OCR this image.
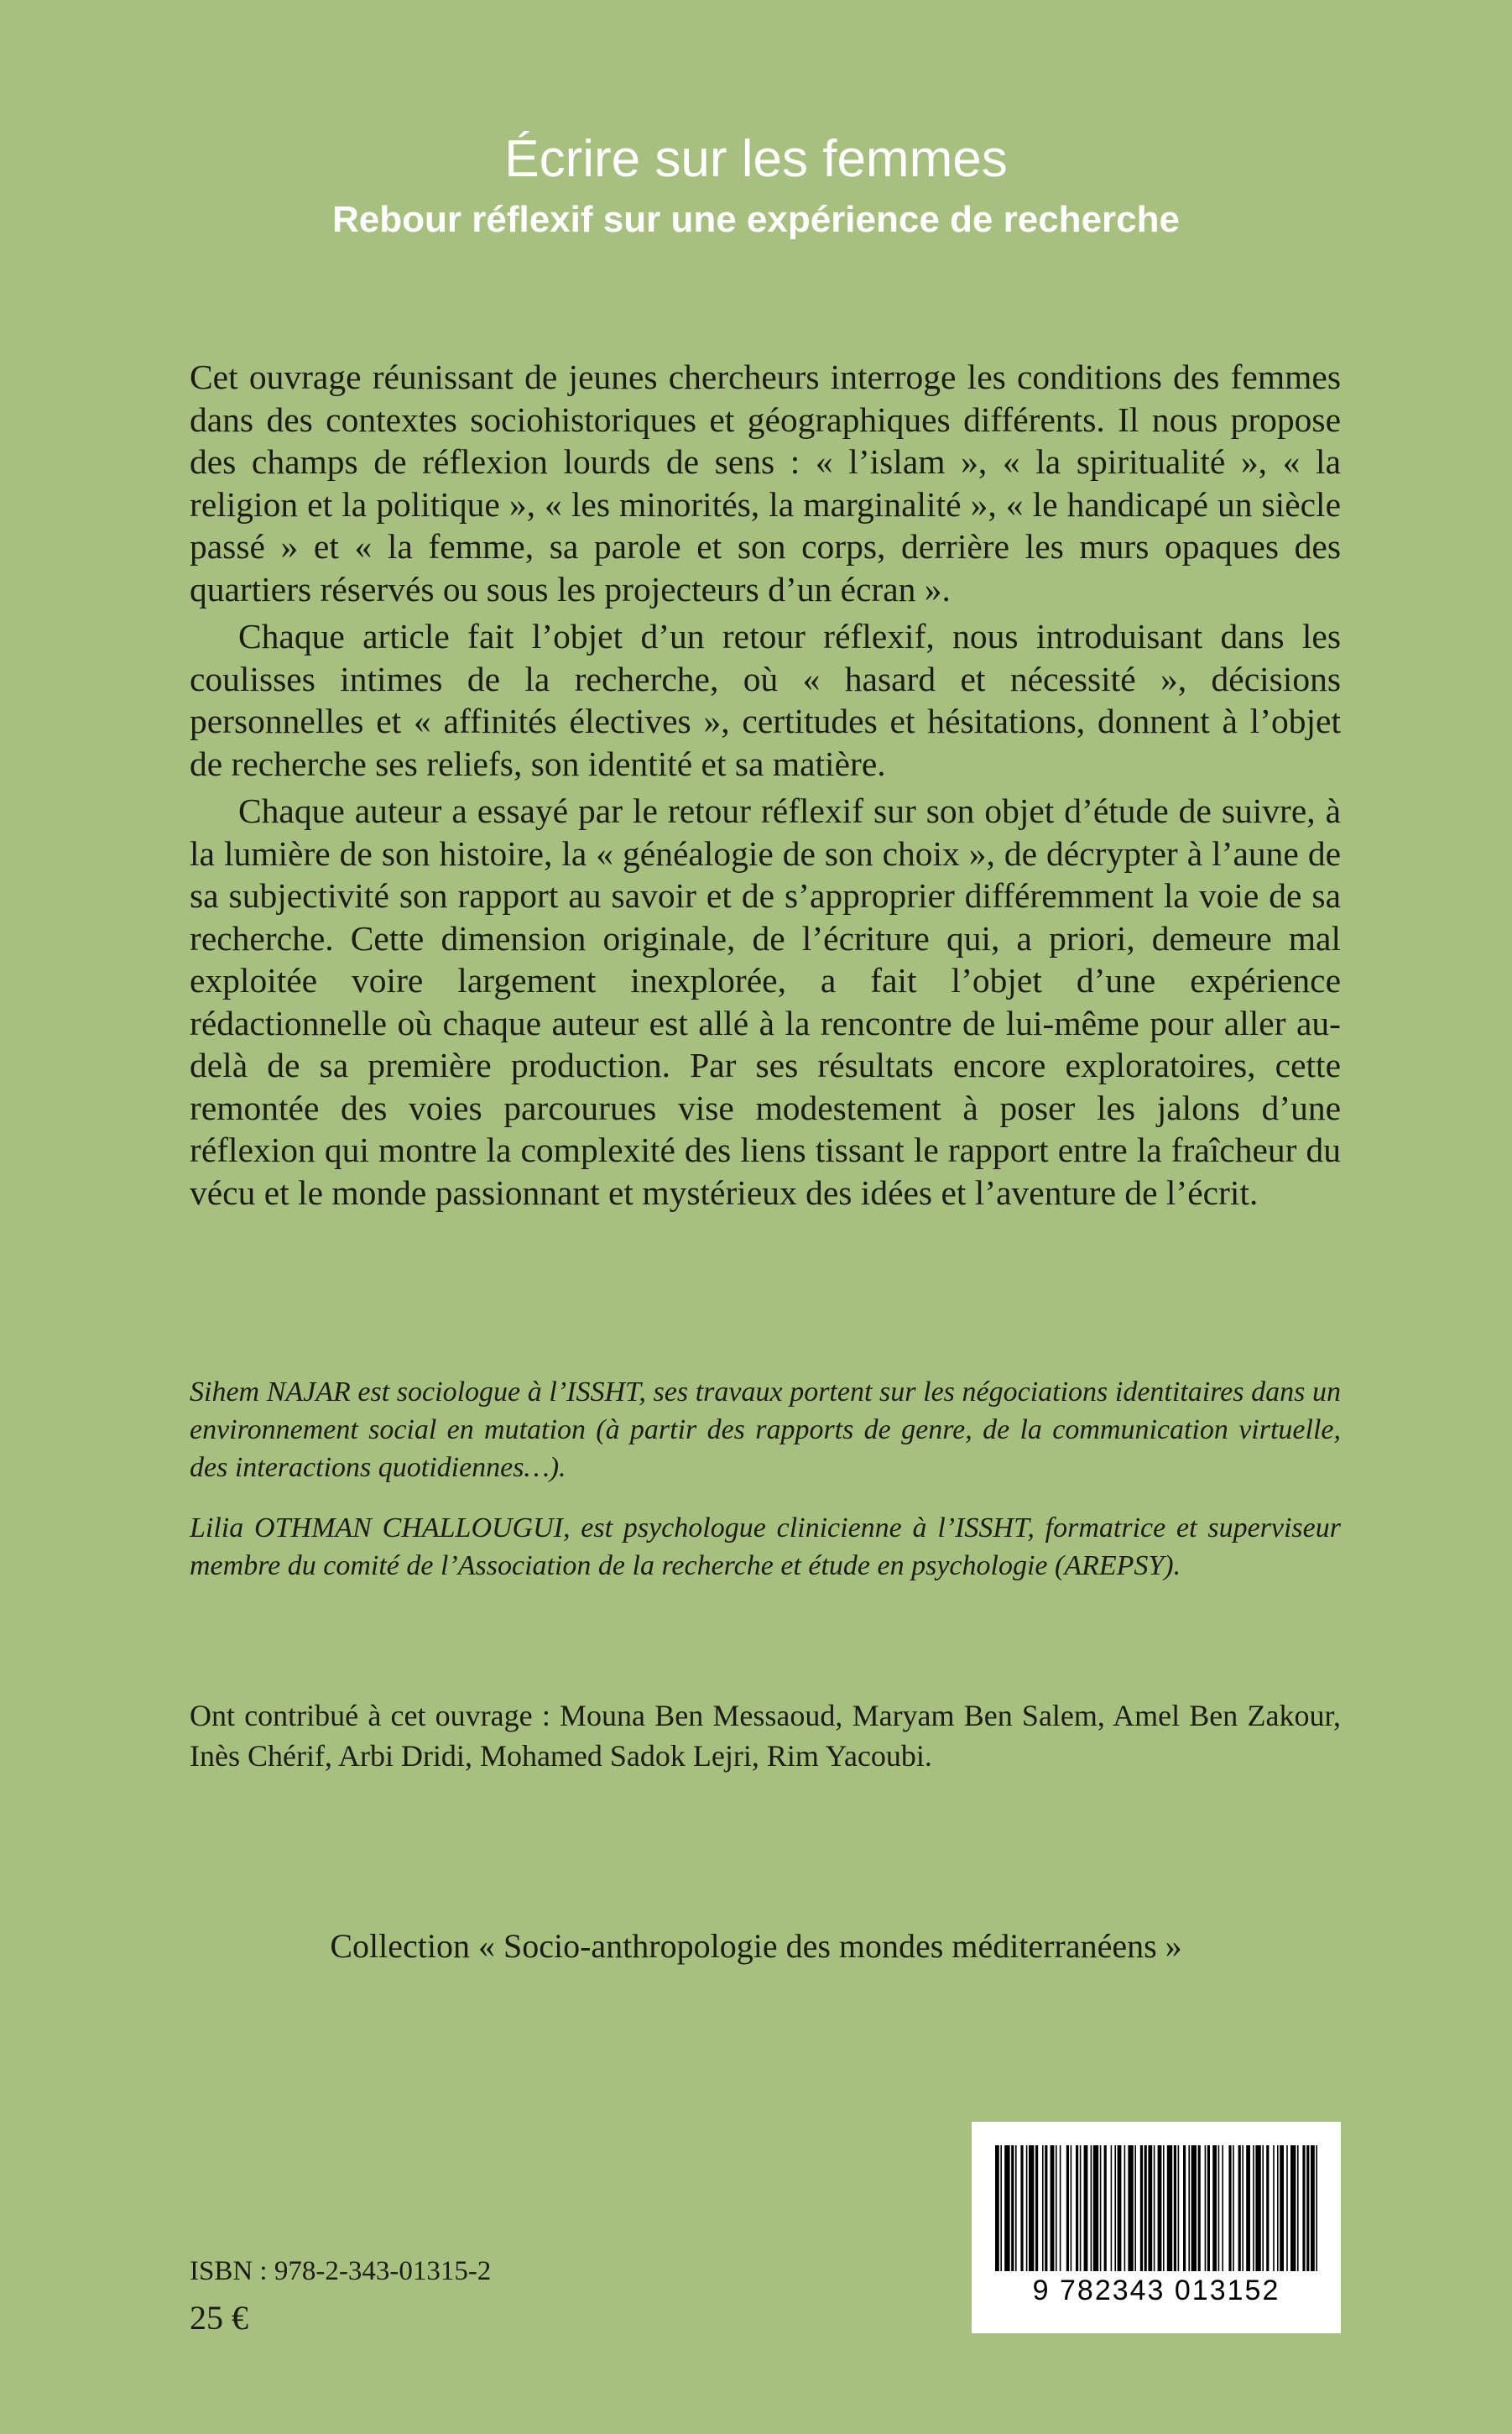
Écrire sur les femmes
Rebour réflexif sur une expérience de recherche

Cet ouvrage réunissant de jeunes chercheurs interroge les conditions des femmes dans des contextes sociohistoriques et géographiques différents. Il nous propose des champs de réflexion lourds de sens : « l’islam », « la spiritualité », « la religion et la politique », « les minorités, la marginalité », « le handicapé un siècle passé » et « la femme, sa parole et son corps, derrière les murs opaques des quartiers réservés ou sous les projecteurs d’un écran ».

Chaque article fait l’objet d’un retour réflexif, nous introduisant dans les coulisses intimes de la recherche, où « hasard et nécessité », décisions personnelles et « affinités électives », certitudes et hésitations, donnent à l’objet de recherche ses reliefs, son identité et sa matière.

Chaque auteur a essayé par le retour réflexif sur son objet d’étude de suivre, à la lumière de son histoire, la « généalogie de son choix », de décrypter à l’aune de sa subjectivité son rapport au savoir et de s’approprier différemment la voie de sa recherche. Cette dimension originale, de l’écriture qui, a priori, demeure mal exploitée voire largement inexplorée, a fait l’objet d’une expérience rédactionnelle où chaque auteur est allé à la rencontre de lui-même pour aller au-delà de sa première production. Par ses résultats encore exploratoires, cette remontée des voies parcourues vise modestement à poser les jalons d’une réflexion qui montre la complexité des liens tissant le rapport entre la fraîcheur du vécu et le monde passionnant et mystérieux des idées et l’aventure de l’écrit.

Sihem NAJAR est sociologue à l’ISSHT, ses travaux portent sur les négociations identitaires dans un environnement social en mutation (à partir des rapports de genre, de la communication virtuelle, des interactions quotidiennes…).
Lilia OTHMAN CHALLOUGUI, est psychologue clinicienne à l’ISSHT, formatrice et superviseur membre du comité de l’Association de la recherche et étude en psychologie (AREPSY).
Ont contribué à cet ouvrage : Mouna Ben Messaoud, Maryam Ben Salem, Amel Ben Zakour, Inès Chérif, Arbi Dridi, Mohamed Sadok Lejri, Rim Yacoubi.
Collection « Socio-anthropologie des mondes méditerranéens »
ISBN : 978-2-343-01315-2
25 €
9 782343 013152
